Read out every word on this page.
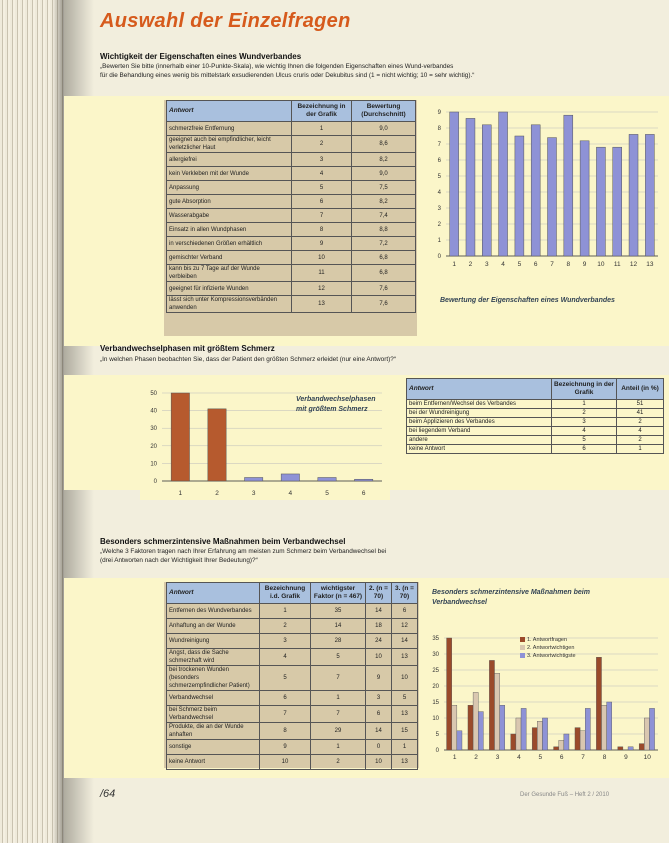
Auswahl der Einzelfragen
Wichtigkeit der Eigenschaften eines Wundverbandes
„Bewerten Sie bitte (innerhalb einer 10-Punkte-Skala), wie wichtig Ihnen die folgenden Eigenschaften eines Wund-verbandes
für die Behandlung eines wenig bis mittelstark exsudierenden Ulcus cruris oder Dekubitus sind (1 = nicht wichtig; 10 = sehr wichtig).“
Antwort	Bezeichnung in der Grafik	Bewertung (Durchschnitt)
schmerzfreie Entfernung	1	9,0
geeignet auch bei empfindlicher, leicht verletzlicher Haut	2	8,6
allergiefrei	3	8,2
kein Verkleben mit der Wunde	4	9,0
Anpassung	5	7,5
gute Absorption	6	8,2
Wasserabgabe	7	7,4
Einsatz in allen Wundphasen	8	8,8
in verschiedenen Größen erhältlich	9	7,2
gemischter Verband	10	6,8
kann bis zu 7 Tage auf der Wunde verbleiben	11	6,8
geeignet für infizierte Wunden	12	7,6
lässt sich unter Kompressionsverbänden anwenden	13	7,6
0
1
2
3
4
5
6
7
8
9
1 2 3 4 5 6 7 8 9 10 11 12 13
Bewertung der Eigenschaften eines Wundverbandes
Verbandwechselphasen mit größtem Schmerz
„In welchen Phasen beobachten Sie, dass der Patient den größten Schmerz erleidet (nur eine Antwort)?“
0
10
20
30
40
50
1	2	3	4	5	6
Verbandwechselphasen mit größtem Schmerz
Antwort	Bezeichnung in der Grafik	Anteil (in %)
beim Entfernen/Wechsel des Verbandes	1	51
bei der Wundreinigung	2	41
beim Applizieren des Verbandes	3	2
bei liegendem Verband	4	4
andere	5	2
keine Antwort	6	1
Besonders schmerzintensive Maßnahmen beim Verbandwechsel
„Welche 3 Faktoren tragen nach Ihrer Erfahrung am meisten zum Schmerz beim Verbandwechsel bei
(drei Antworten nach der Wichtigkeit Ihrer Bedeutung)?“
Antwort	Bezeichnung i.d. Grafik	wichtigster Faktor (n = 467)	2. (n = 70)	3. (n = 70)
Entfernen des Wundverbandes	1	35	14	6
Anhaftung an der Wunde	2	14	18	12
Wundreinigung	3	28	24	14
Angst, dass die Sache schmerzhaft wird	4	5	10	13
bei trockenen Wunden (besonders schmerzempfindlicher Patient)	5	7	9	10
Verbandwechsel	6	1	3	5
bei Schmerz beim Verbandwechsel	7	7	6	13
Produkte, die an der Wunde anhaften	8	29	14	15
sonstige	9	1	0	1
keine Antwort	10	2	10	13
Besonders schmerzintensive Maßnahmen beim Verbandwechsel
0
5
10
15
20
25
30
35
1	2	3	4	5	6	7	8	9 10
1. Antwortfragen
2. Antwortwichtigen
3. Antwortwichtigste
/64	Der Gesunde Fuß – Heft 2 / 2010
